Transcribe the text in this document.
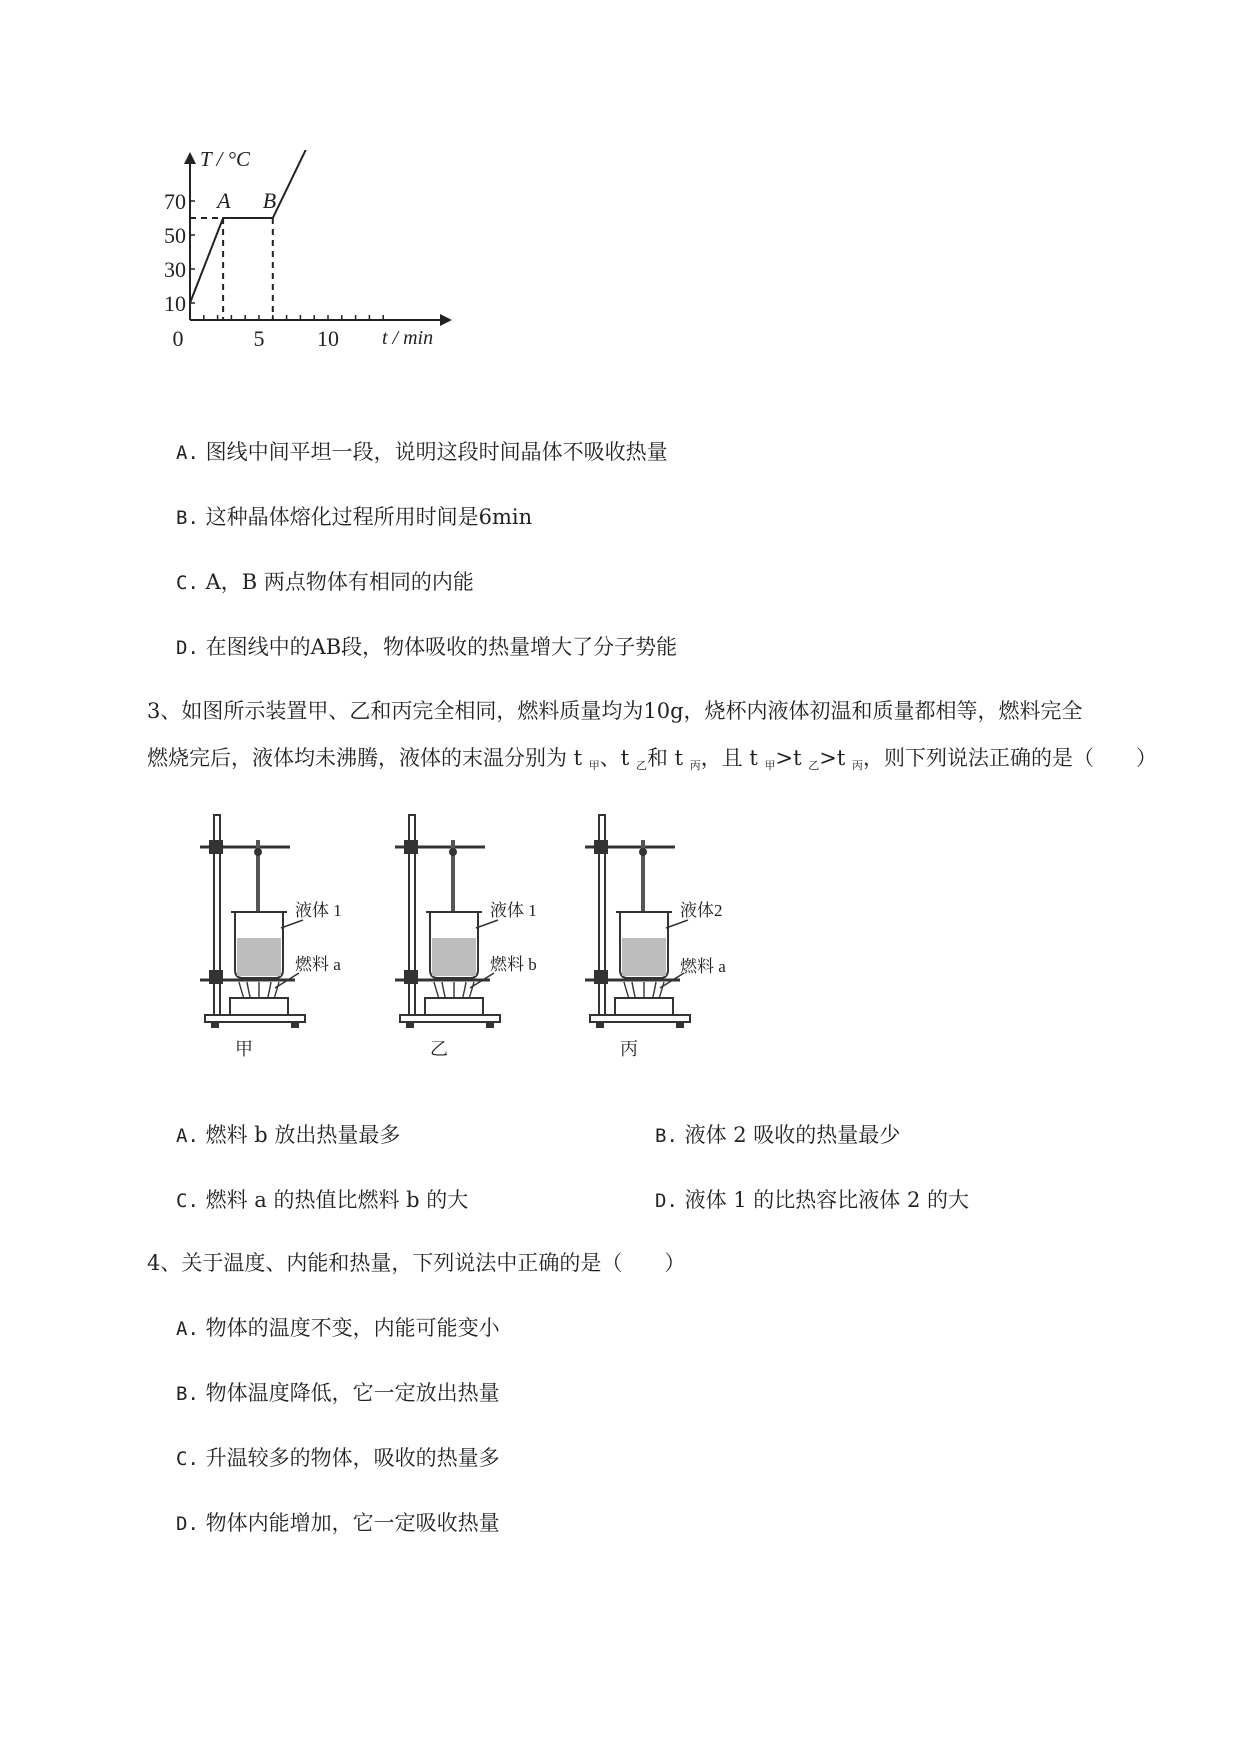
10
30
50
70
0	5 10
T / °C
t / min
A B
A. 图线中间平坦一段，说明这段时间晶体不吸收热量
B. 这种晶体熔化过程所用时间是6min
C. A，B 两点物体有相同的内能
D. 在图线中的AB段，物体吸收的热量增大了分子势能
3、如图所示装置甲、乙和丙完全相同，燃料质量均为10g，烧杯内液体初温和质量都相等，燃料完全
燃烧完后，液体均未沸腾，液体的末温分别为 t $_甲$、t $_乙$和 t $_丙$，且 t $_甲$>t $_乙$>t $_丙$，则下列说法正确的是（　　）
液体 1
燃料 a
甲
液体 1
燃料 b
乙
液体2
燃料 a
丙
A. 燃料 b 放出热量最多	B. 液体 2 吸收的热量最少
C. 燃料 a 的热值比燃料 b 的大	D. 液体 1 的比热容比液体 2 的大
4、关于温度、内能和热量，下列说法中正确的是（　　）
A. 物体的温度不变，内能可能变小
B. 物体温度降低，它一定放出热量
C. 升温较多的物体，吸收的热量多
D. 物体内能增加，它一定吸收热量
